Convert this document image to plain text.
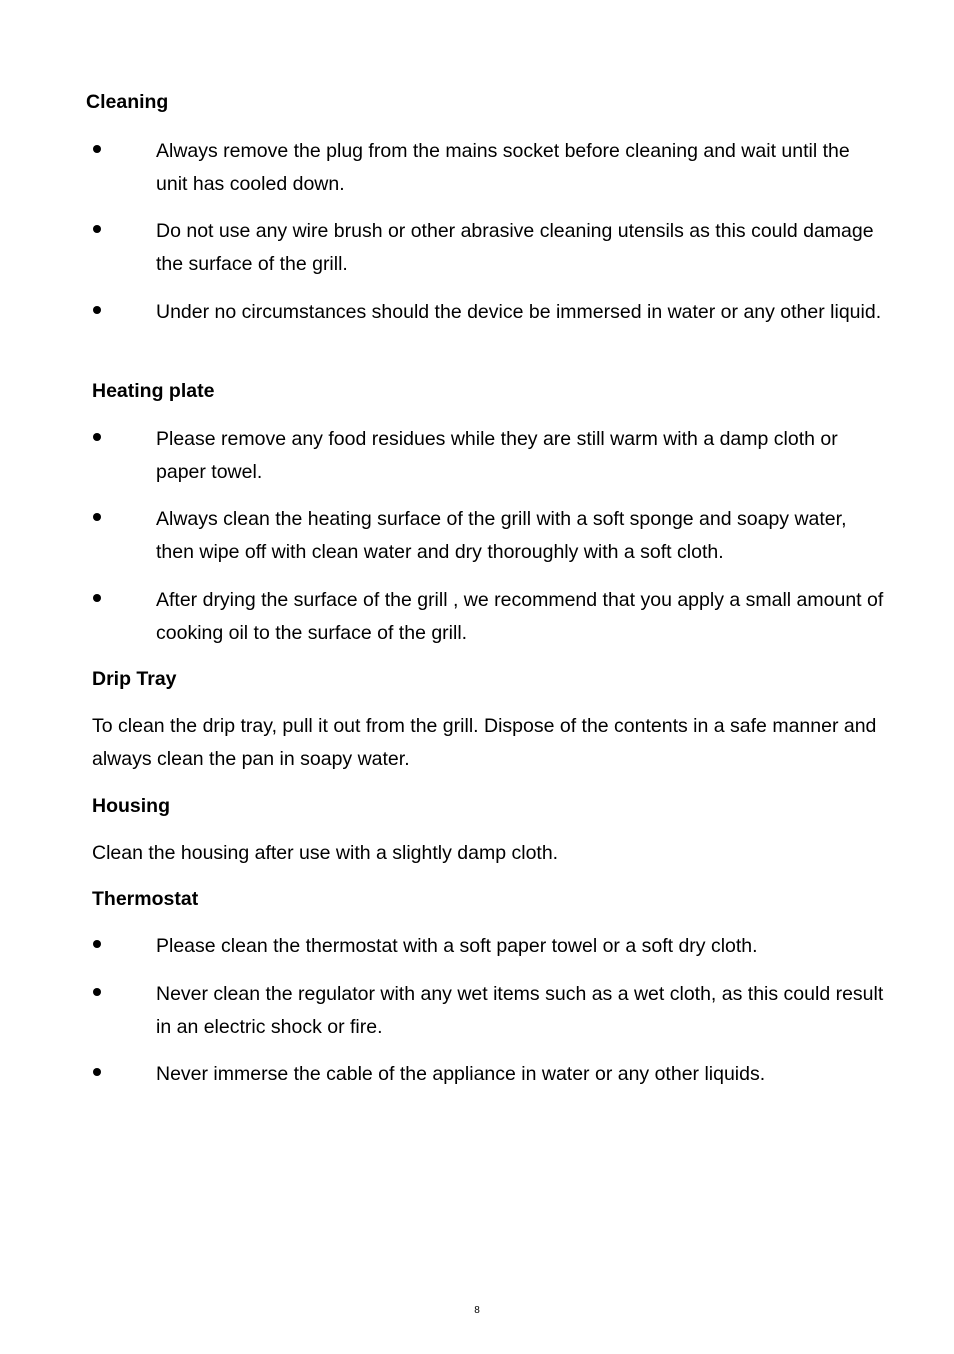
Cleaning
Always remove the plug from the mains socket before cleaning and wait until the unit has cooled down.
Do not use any wire brush or other abrasive cleaning utensils as this could damage the surface of the grill.
Under no circumstances should the device be immersed in water or any other liquid.
Heating plate
Please remove any food residues while they are still warm with a damp cloth or paper towel.
Always clean the heating surface of the grill with a soft sponge and soapy water, then wipe off with clean water and dry thoroughly with a soft cloth.
After drying the surface of the grill , we recommend that you apply a small amount of cooking oil to the surface of the grill.
Drip Tray

To clean the drip tray, pull it out from the grill. Dispose of the contents in a safe manner and always clean the pan in soapy water.

Housing

Clean the housing after use with a slightly damp cloth.

Thermostat
Please clean the thermostat with a soft paper towel or a soft dry cloth.
Never clean the regulator with any wet items such as a wet cloth, as this could result in an electric shock or fire.
Never immerse the cable of the appliance in water or any other liquids.
8
